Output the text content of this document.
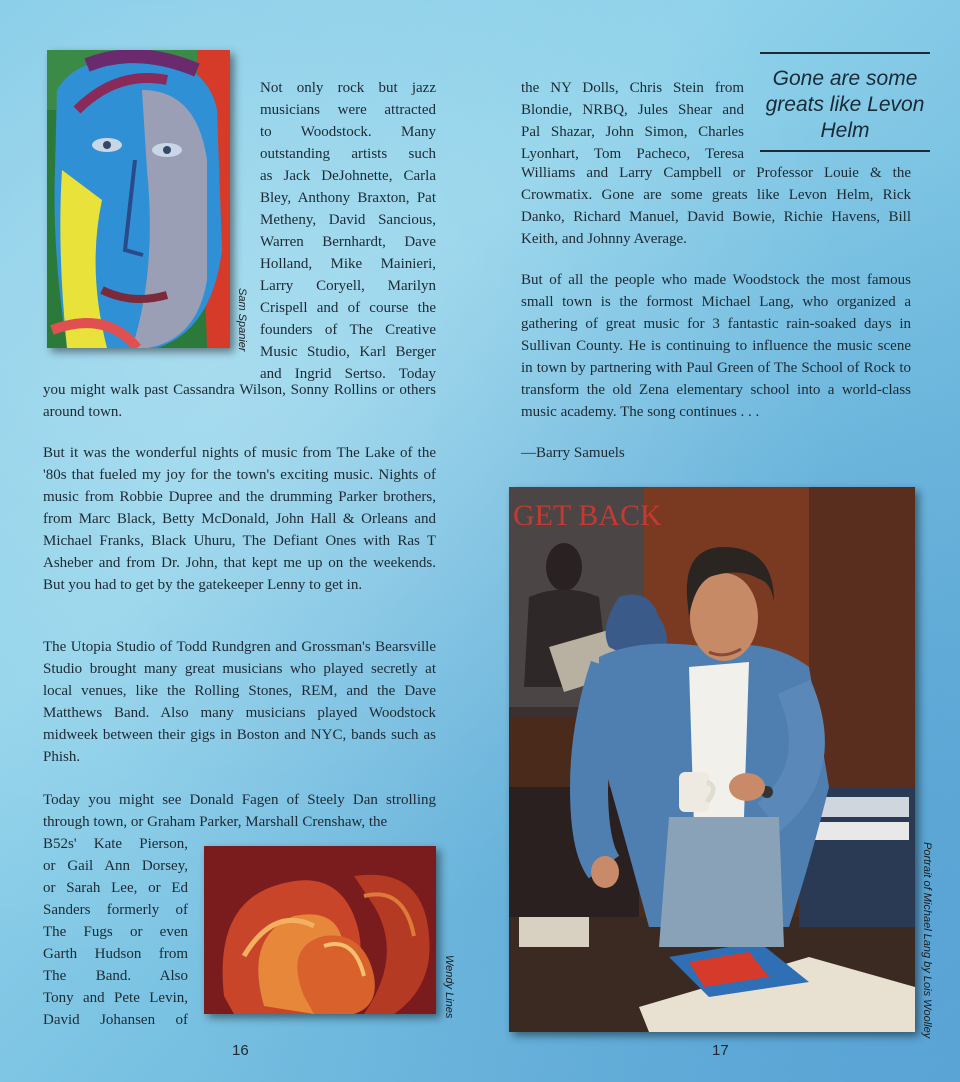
Sam Spanier

Not only rock but jazz
musicians were attracted
to Woodstock. Many
outstanding artists such
as Jack DeJohnette, Carla
Bley, Anthony Braxton, Pat
Metheny, David Sancious,
Warren Bernhardt, Dave
Holland, Mike Mainieri,
Larry Coryell, Marilyn
Crispell and of course the
founders of The Creative
Music Studio, Karl Berger
and Ingrid Sertso. Today

you might walk past Cassandra Wilson, Sonny Rollins or others around town.
But it was the wonderful nights of music from The Lake of the '80s that fueled my joy for the town's exciting music. Nights of music from Robbie Dupree and the drumming Parker brothers, from Marc Black, Betty McDonald, John Hall & Orleans and Michael Franks, Black Uhuru, The Defiant Ones with Ras T Asheber and from Dr. John, that kept me up on the weekends. But you had to get by the gatekeeper Lenny to get in.
The Utopia Studio of Todd Rundgren and Grossman's Bearsville Studio brought many great musicians who played secretly at local venues, like the Rolling Stones, REM, and the Dave Matthews Band. Also many musicians played Woodstock midweek between their gigs in Boston and NYC, bands such as Phish.
Today you might see Donald Fagen of Steely Dan strolling through town, or Graham Parker, Marshall Crenshaw, the

B52s' Kate Pierson,
or Gail Ann Dorsey,
or Sarah Lee, or Ed
Sanders formerly of
The Fugs or even
Garth Hudson from
The Band. Also
Tony and Pete Levin,
David Johansen of

Wendy Lines
16

the NY Dolls, Chris Stein from
Blondie, NRBQ, Jules Shear and
Pal Shazar, John Simon, Charles
Lyonhart, Tom Pacheco, Teresa

Gone are some greats like Levon Helm
Williams and Larry Campbell or Professor Louie & the Crowmatix. Gone are some greats like Levon Helm, Rick Danko, Richard Manuel, David Bowie, Richie Havens, Bill Keith, and Johnny Average.
But of all the people who made Woodstock the most famous small town is the formost Michael Lang, who organized a gathering of great music for 3 fantastic rain-soaked days in Sullivan County. He is continuing to influence the music scene in town by partnering with Paul Green of The School of Rock to transform the old Zena elementary school into a world-class music academy. The song continues . . .
—Barry Samuels
GET BACK
Portrait of Michael Lang by Lois Woolley
17
